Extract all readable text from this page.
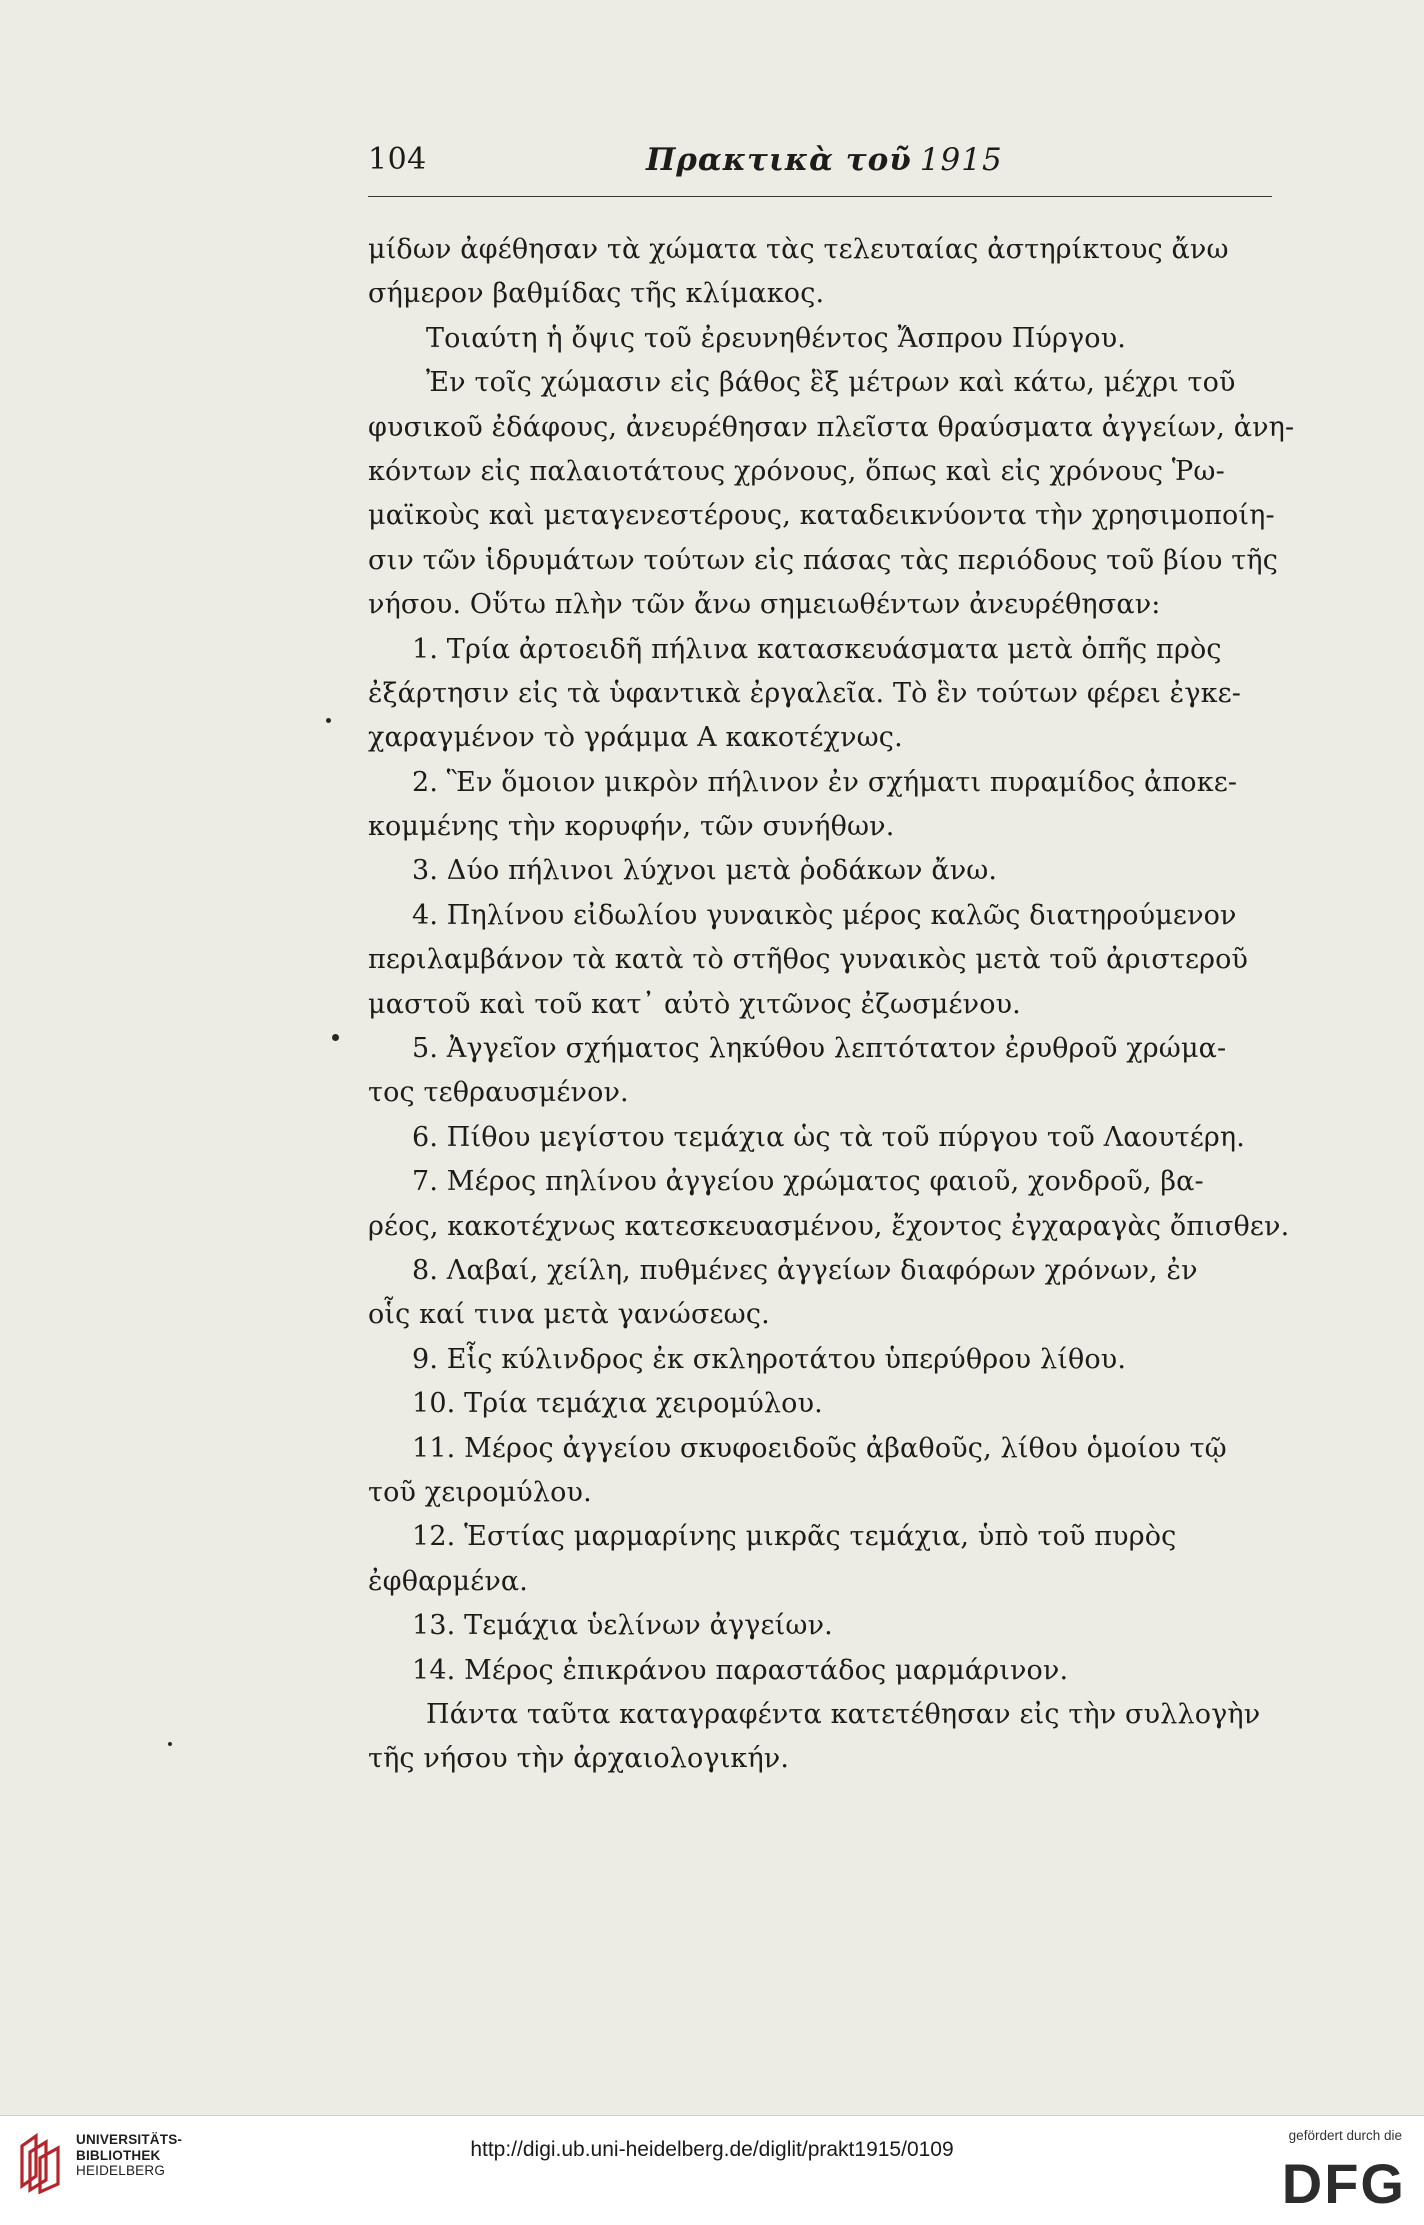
104	Πρακτικὰ τοῦ 1915
μίδων ἀφέθησαν τὰ χώματα τὰς τελευταίας ἀστηρίκτους ἄνω
σήμερον βαθμίδας τῆς κλίμακος.
Τοιαύτη ἡ ὄψις τοῦ ἐρευνηθέντος Ἄσπρου Πύργου.
Ἐν τοῖς χώμασιν εἰς βάθος ἓξ μέτρων καὶ κάτω, μέχρι τοῦ
φυσικοῦ ἐδάφους, ἀνευρέθησαν πλεῖστα θραύσματα ἀγγείων, ἀνη-
κόντων εἰς παλαιοτάτους χρόνους, ὅπως καὶ εἰς χρόνους Ῥω-
μαϊκοὺς καὶ μεταγενεστέρους, καταδεικνύοντα τὴν χρησιμοποίη-
σιν τῶν ἱδρυμάτων τούτων εἰς πάσας τὰς περιόδους τοῦ βίου τῆς
νήσου. Οὕτω πλὴν τῶν ἄνω σημειωθέντων ἀνευρέθησαν:
1. Τρία ἀρτοειδῆ πήλινα κατασκευάσματα μετὰ ὀπῆς πρὸς
ἐξάρτησιν εἰς τὰ ὑφαντικὰ ἐργαλεῖα. Τὸ ἓν τούτων φέρει ἐγκε-
χαραγμένον τὸ γράμμα Α κακοτέχνως.
2. Ἓν ὅμοιον μικρὸν πήλινον ἐν σχήματι πυραμίδος ἀποκε-
κομμένης τὴν κορυφήν, τῶν συνήθων.
3. Δύο πήλινοι λύχνοι μετὰ ῥοδάκων ἄνω.
4. Πηλίνου εἰδωλίου γυναικὸς μέρος καλῶς διατηρούμενον
περιλαμβάνον τὰ κατὰ τὸ στῆθος γυναικὸς μετὰ τοῦ ἀριστεροῦ
μαστοῦ καὶ τοῦ κατ᾽ αὐτὸ χιτῶνος ἐζωσμένου.
5. Ἀγγεῖον σχήματος ληκύθου λεπτότατον ἐρυθροῦ χρώμα-
τος τεθραυσμένον.
6. Πίθου μεγίστου τεμάχια ὡς τὰ τοῦ πύργου τοῦ Λαουτέρη.
7. Μέρος πηλίνου ἀγγείου χρώματος φαιοῦ, χονδροῦ, βα-
ρέος, κακοτέχνως κατεσκευασμένου, ἔχοντος ἐγχαραγὰς ὄπισθεν.
8. Λαβαί, χείλη, πυθμένες ἀγγείων διαφόρων χρόνων, ἐν
οἷς καί τινα μετὰ γανώσεως.
9. Εἷς κύλινδρος ἐκ σκληροτάτου ὑπερύθρου λίθου.
10. Τρία τεμάχια χειρομύλου.
11. Μέρος ἀγγείου σκυφοειδοῦς ἀβαθοῦς, λίθου ὁμοίου τῷ
τοῦ χειρομύλου.
12. Ἑστίας μαρμαρίνης μικρᾶς τεμάχια, ὑπὸ τοῦ πυρὸς
ἐφθαρμένα.
13. Τεμάχια ὑελίνων ἀγγείων.
14. Μέρος ἐπικράνου παραστάδος μαρμάρινον.
Πάντα ταῦτα καταγραφέντα κατετέθησαν εἰς τὴν συλλογὴν
τῆς νήσου τὴν ἀρχαιολογικήν.
UNIVERSITÄTS-
BIBLIOTHEK
HEIDELBERG
http://digi.ub.uni-heidelberg.de/diglit/prakt1915/0109
gefördert durch die
DFG
